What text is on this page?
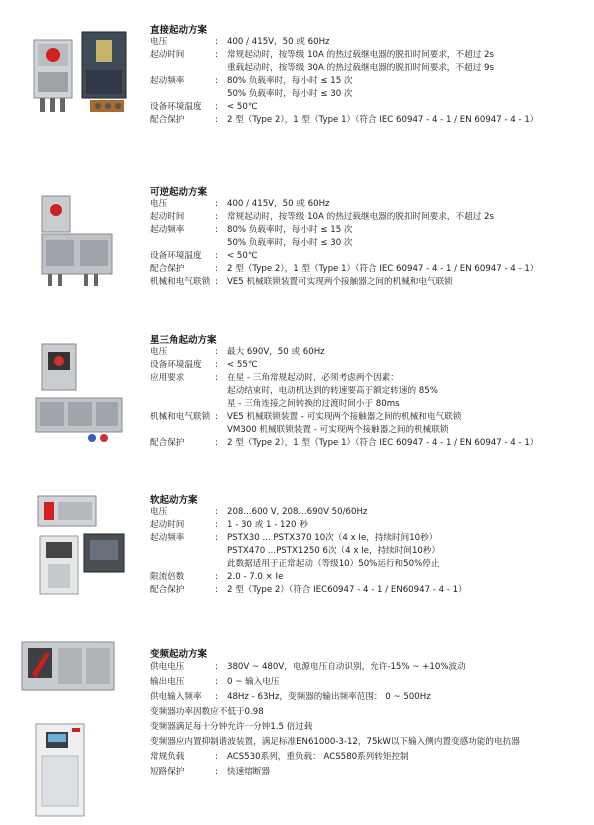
直接起动方案
电压	: 400 / 415V，50 或 60Hz
起动时间	: 常规起动时，按等级 10A 的热过载继电器的脱扣时间要求，不超过 2s
重载起动时，按等级 30A 的热过载继电器的脱扣时间要求，不超过 9s
起动频率	: 80% 负载率时，每小时 ≤ 15 次
50% 负载率时，每小时 ≤ 30 次
设备环境温度 : < 50℃
配合保护	: 2 型（Type 2），1 型（Type 1）（符合 IEC 60947 - 4 - 1 / EN 60947 - 4 - 1）
可逆起动方案
电压	: 400 / 415V，50 或 60Hz
起动时间	: 常规起动时，按等级 10A 的热过载继电器的脱扣时间要求，不超过 2s
起动频率	: 80% 负载率时，每小时 ≤ 15 次
50% 负载率时，每小时 ≤ 30 次
设备环境温度 : < 50℃
配合保护	: 2 型（Type 2），1 型（Type 1）（符合 IEC 60947 - 4 - 1 / EN 60947 - 4 - 1）
机械和电气联锁 : VE5 机械联锁装置可实现两个接触器之间的机械和电气联锁
星三角起动方案
电压	: 最大 690V，50 或 60Hz
设备环境温度 : < 55℃
应用要求	: 在星 - 三角常规起动时，必须考虑两个因素：
起动结束时，电动机达到的转速要高于额定转速的 85%
星 - 三角连接之间转换的过渡时间小于 80ms
机械和电气联锁 : VE5 机械联锁装置 - 可实现两个接触器之间的机械和电气联锁
VM300 机械联锁装置 - 可实现两个接触器之间的机械联锁
配合保护	: 2 型（Type 2），1 型（Type 1）（符合 IEC 60947 - 4 - 1 / EN 60947 - 4 - 1）
软起动方案
电压	: 208...600 V, 208...690V 50/60Hz
起动时间	: 1 - 30 或 1 - 120 秒
起动频率	: PSTX30 ... PSTX370 10次（4 x Ie，持续时间10秒）
PSTX470 ...PSTX1250 6次（4 x Ie，持续时间10秒）
此数据适用于正常起动（等级10）50%运行和50%停止
限流倍数	: 2.0 - 7.0 × Ie
配合保护	: 2 型（Type 2）（符合 IEC60947 - 4 - 1 / EN60947 - 4 - 1）
变频起动方案
供电电压	: 380V ~ 480V，电源电压自动识别，允许-15% ~ +10%波动
输出电压	: 0 ~ 输入电压
供电输入频率 : 48Hz - 63Hz，变频器的输出频率范围： 0 ~ 500Hz
变频器功率因数应不低于0.98
变频器满足每十分钟允许一分钟1.5 倍过载
变频器应内置抑制谐波装置，满足标准EN61000-3-12，75kW以下输入侧内置变感功能的电抗器
常规负载	: ACS530系列，重负载： ACS580系列转矩控制
短路保护	: 快速熔断器
